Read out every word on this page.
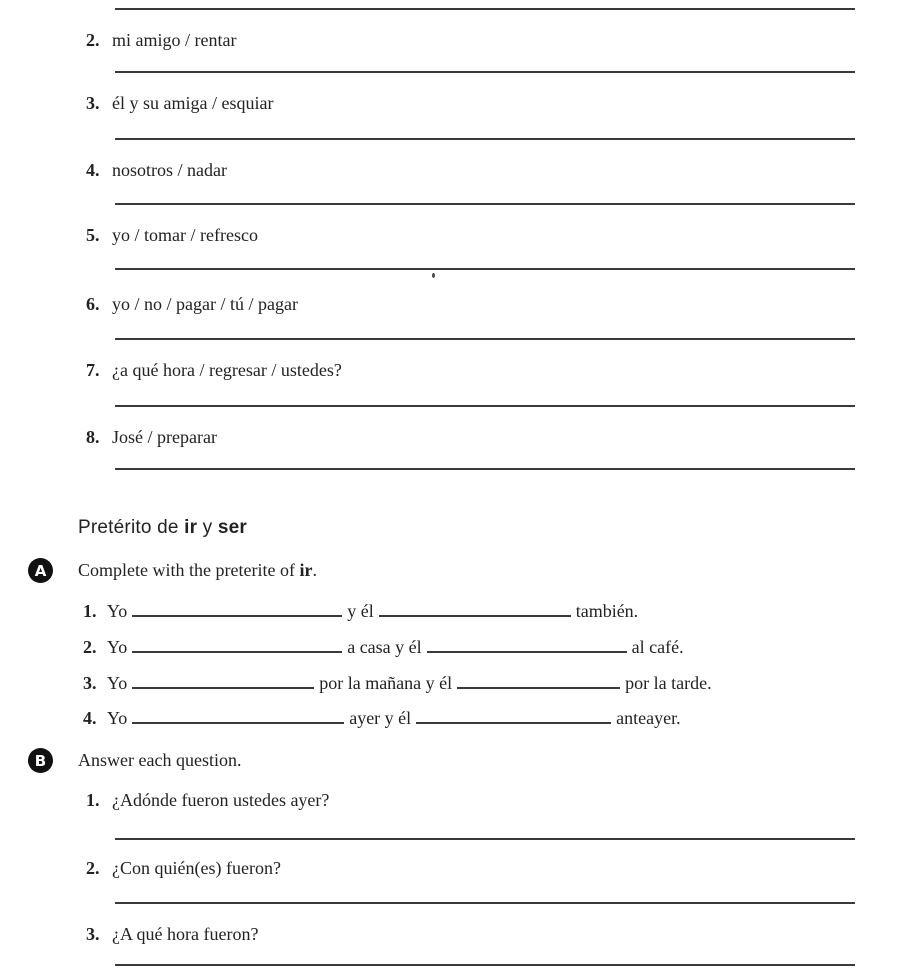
2. mi amigo / rentar
3. él y su amiga / esquiar
4. nosotros / nadar
5. yo / tomar / refresco
6. yo / no / pagar / tú / pagar
7. ¿a qué hora / regresar / ustedes?
8. José / preparar
Pretérito de ir y ser
A	Complete with the preterite of ir.
1. Yo	y él	también.
2. Yo	a casa y él	al café.
3. Yo	por la mañana y él	por la tarde.
4. Yo	ayer y él	anteayer.
B	Answer each question.
1. ¿Adónde fueron ustedes ayer?
2. ¿Con quién(es) fueron?
3. ¿A qué hora fueron?
